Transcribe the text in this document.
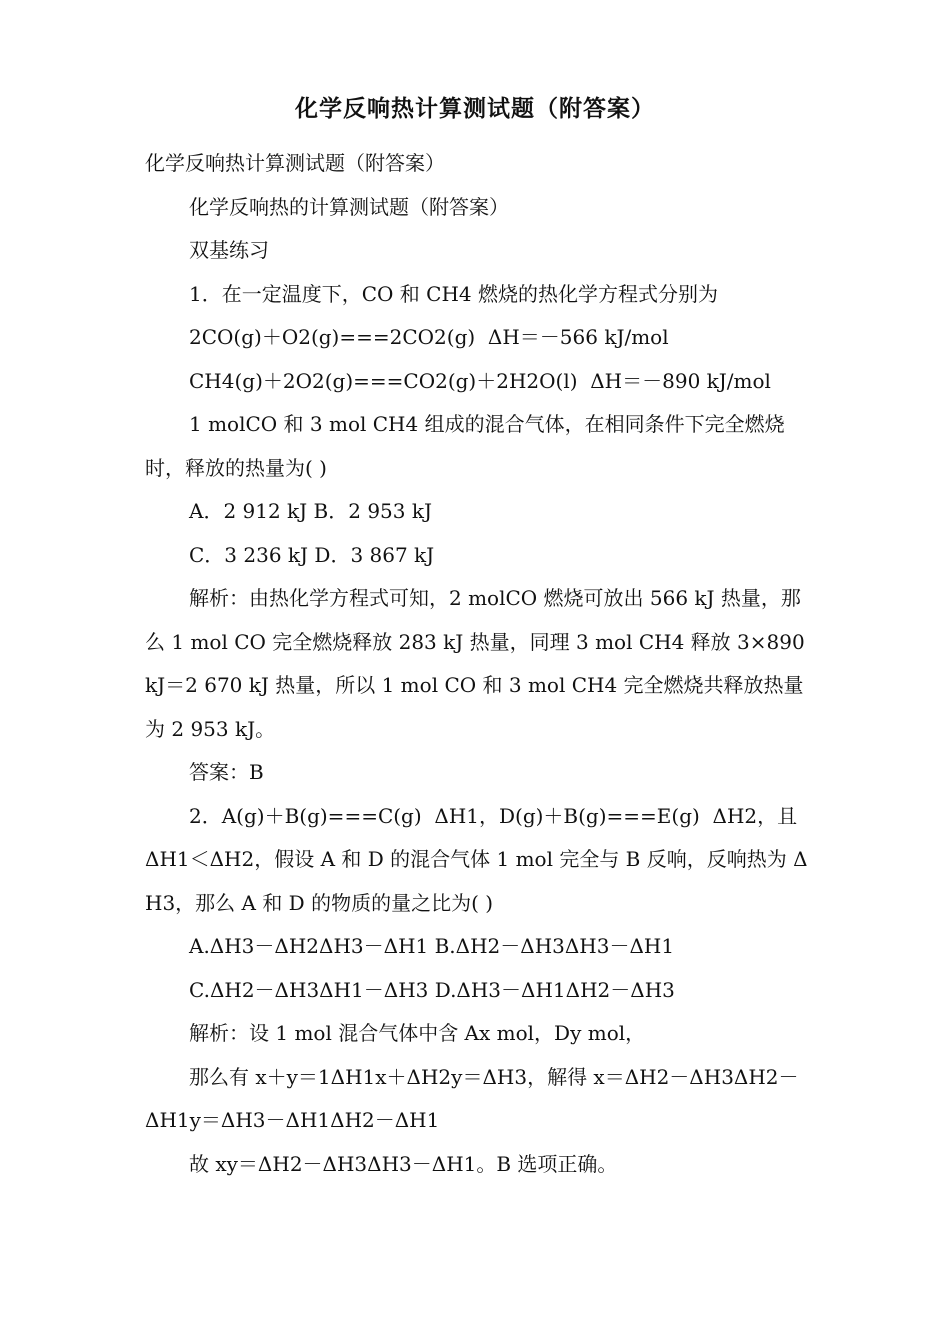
化学反响热计算测试题（附答案）

化学反响热计算测试题（附答案）

化学反响热的计算测试题（附答案）

双基练习

1．在一定温度下，CO 和 CH4 燃烧的热化学方程式分别为

2CO(g)＋O2(g)===2CO2(g)  ΔH＝－566 kJ/mol

CH4(g)＋2O2(g)===CO2(g)＋2H2O(l)  ΔH＝－890 kJ/mol

1 molCO 和 3 mol CH4 组成的混合气体，在相同条件下完全燃烧时，释放的热量为( )

A．2 912 kJ B．2 953 kJ

C．3 236 kJ D．3 867 kJ

解析：由热化学方程式可知，2 molCO 燃烧可放出 566 kJ 热量，那么 1 mol CO 完全燃烧释放 283 kJ 热量，同理 3 mol CH4 释放 3×890 kJ＝2 670 kJ 热量，所以 1 mol CO 和 3 mol CH4 完全燃烧共释放热量为 2 953 kJ。

答案：B

2．A(g)＋B(g)===C(g)  ΔH1，D(g)＋B(g)===E(g)  ΔH2，且ΔH1＜ΔH2，假设 A 和 D 的混合气体 1 mol 完全与 B 反响，反响热为 ΔH3，那么 A 和 D 的物质的量之比为( )

A.ΔH3－ΔH2ΔH3－ΔH1 B.ΔH2－ΔH3ΔH3－ΔH1

C.ΔH2－ΔH3ΔH1－ΔH3 D.ΔH3－ΔH1ΔH2－ΔH3

解析：设 1 mol 混合气体中含 Ax mol，Dy mol，

那么有 x＋y＝1ΔH1x＋ΔH2y＝ΔH3，解得 x＝ΔH2－ΔH3ΔH2－ΔH1y＝ΔH3－ΔH1ΔH2－ΔH1

故 xy＝ΔH2－ΔH3ΔH3－ΔH1。B 选项正确。
